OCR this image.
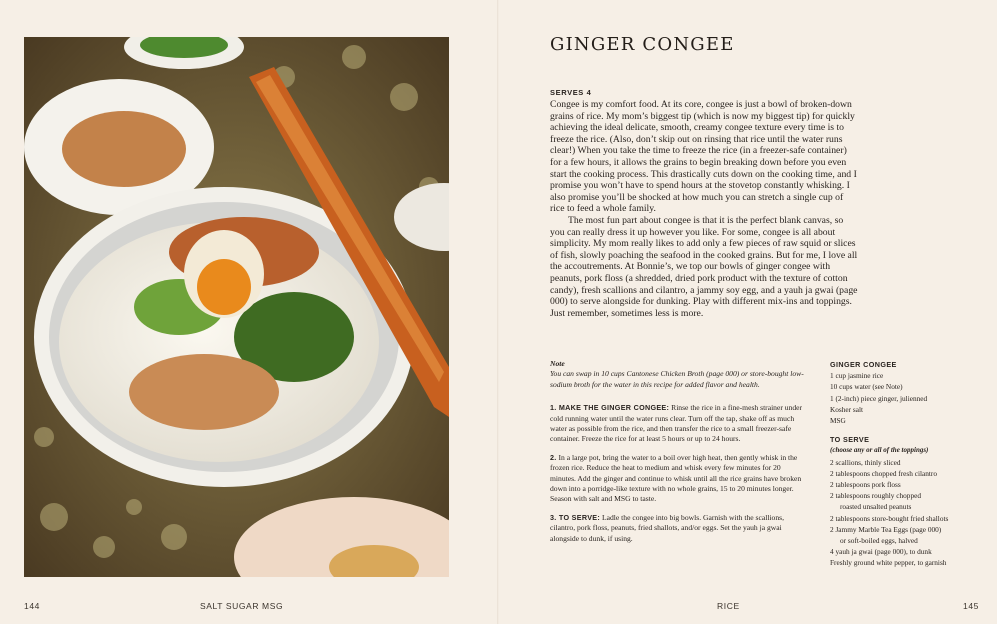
144	SALT SUGAR MSG
GINGER CONGEE
SERVES 4

Congee is my comfort food. At its core, congee is just a bowl of broken-down grains of rice. My mom’s biggest tip (which is now my biggest tip) for quickly achieving the ideal delicate, smooth, creamy congee texture every time is to freeze the rice. (Also, don’t skip out on rinsing that rice until the water runs clear!) When you take the time to freeze the rice (in a freezer-safe container) for a few hours, it allows the grains to begin breaking down before you even start the cooking process. This drastically cuts down on the cooking time, and I promise you won’t have to spend hours at the stovetop constantly whisking. I also promise you’ll be shocked at how much you can stretch a single cup of rice to feed a whole family.

The most fun part about congee is that it is the perfect blank canvas, so you can really dress it up however you like. For some, congee is all about simplicity. My mom really likes to add only a few pieces of raw squid or slices of fish, slowly poaching the seafood in the cooked grains. But for me, I love all the accoutrements. At Bonnie’s, we top our bowls of ginger congee with peanuts, pork floss (a shredded, dried pork product with the texture of cotton candy), fresh scallions and cilantro, a jammy soy egg, and a yauh ja gwai (page 000) to serve alongside for dunking. Play with different mix-ins and toppings. Just remember, sometimes less is more.

Note

You can swap in 10 cups Cantonese Chicken Broth (page 000) or store-bought low-sodium broth for the water in this recipe for added flavor and health.

1. MAKE THE GINGER CONGEE: Rinse the rice in a fine-mesh strainer under cold running water until the water runs clear. Turn off the tap, shake off as much water as possible from the rice, and then transfer the rice to a small freezer-safe container. Freeze the rice for at least 5 hours or up to 24 hours.

2. In a large pot, bring the water to a boil over high heat, then gently whisk in the frozen rice. Reduce the heat to medium and whisk every few minutes for 20 minutes. Add the ginger and continue to whisk until all the rice grains have broken down into a porridge-like texture with no whole grains, 15 to 20 minutes longer. Season with salt and MSG to taste.

3. TO SERVE: Ladle the congee into big bowls. Garnish with the scallions, cilantro, pork floss, peanuts, fried shallots, and/or eggs. Set the yauh ja gwai alongside to dunk, if using.

GINGER CONGEE
1 cup jasmine rice
10 cups water (see Note)
1 (2-inch) piece ginger, julienned
Kosher salt
MSG
TO SERVE
(choose any or all of the toppings)
2 scallions, thinly sliced
2 tablespoons chopped fresh cilantro
2 tablespoons pork floss
2 tablespoons roughly chopped
roasted unsalted peanuts
2 tablespoons store-bought fried shallots
2 Jammy Marble Tea Eggs (page 000)
or soft-boiled eggs, halved
4 yauh ja gwai (page 000), to dunk
Freshly ground white pepper, to garnish
RICE	145
